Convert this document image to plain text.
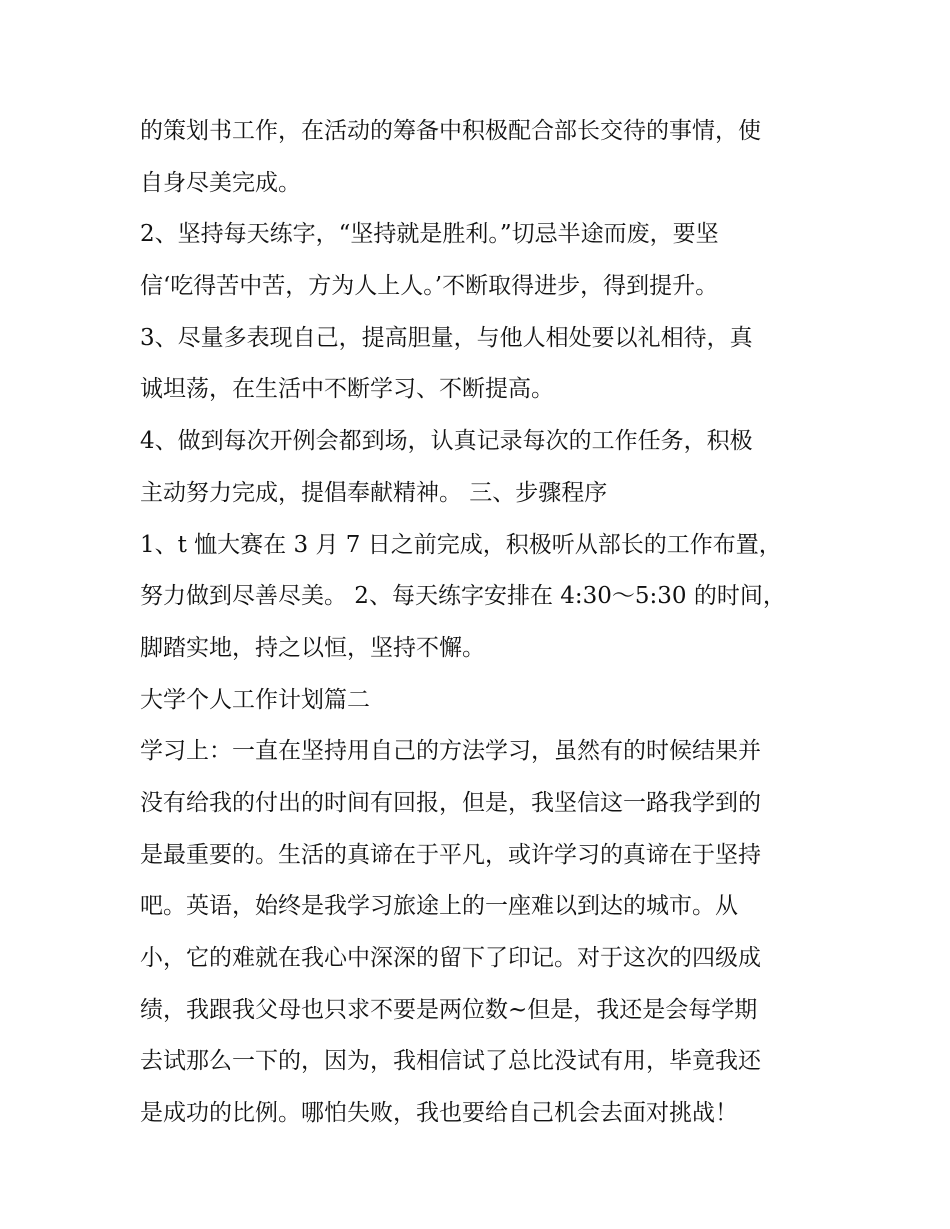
的策划书工作，在活动的筹备中积极配合部长交待的事情，使
自身尽美完成。
2、坚持每天练字，“坚持就是胜利。”切忌半途而废，要坚
信‘吃得苦中苦，方为人上人。’不断取得进步，得到提升。
3、尽量多表现自己，提高胆量，与他人相处要以礼相待，真
诚坦荡，在生活中不断学习、不断提高。
4、做到每次开例会都到场，认真记录每次的工作任务，积极
主动努力完成，提倡奉献精神。 三、步骤程序
1、t 恤大赛在 3 月 7 日之前完成，积极听从部长的工作布置，
努力做到尽善尽美。 2、每天练字安排在 4:30～5:30 的时间，
脚踏实地，持之以恒，坚持不懈。
大学个人工作计划篇二
学习上：一直在坚持用自己的方法学习，虽然有的时候结果并
没有给我的付出的时间有回报，但是，我坚信这一路我学到的
是最重要的。生活的真谛在于平凡，或许学习的真谛在于坚持
吧。英语，始终是我学习旅途上的一座难以到达的城市。从
小，它的难就在我心中深深的留下了印记。对于这次的四级成
绩，我跟我父母也只求不要是两位数~但是，我还是会每学期
去试那么一下的，因为，我相信试了总比没试有用，毕竟我还
是成功的比例。哪怕失败，我也要给自己机会去面对挑战！
